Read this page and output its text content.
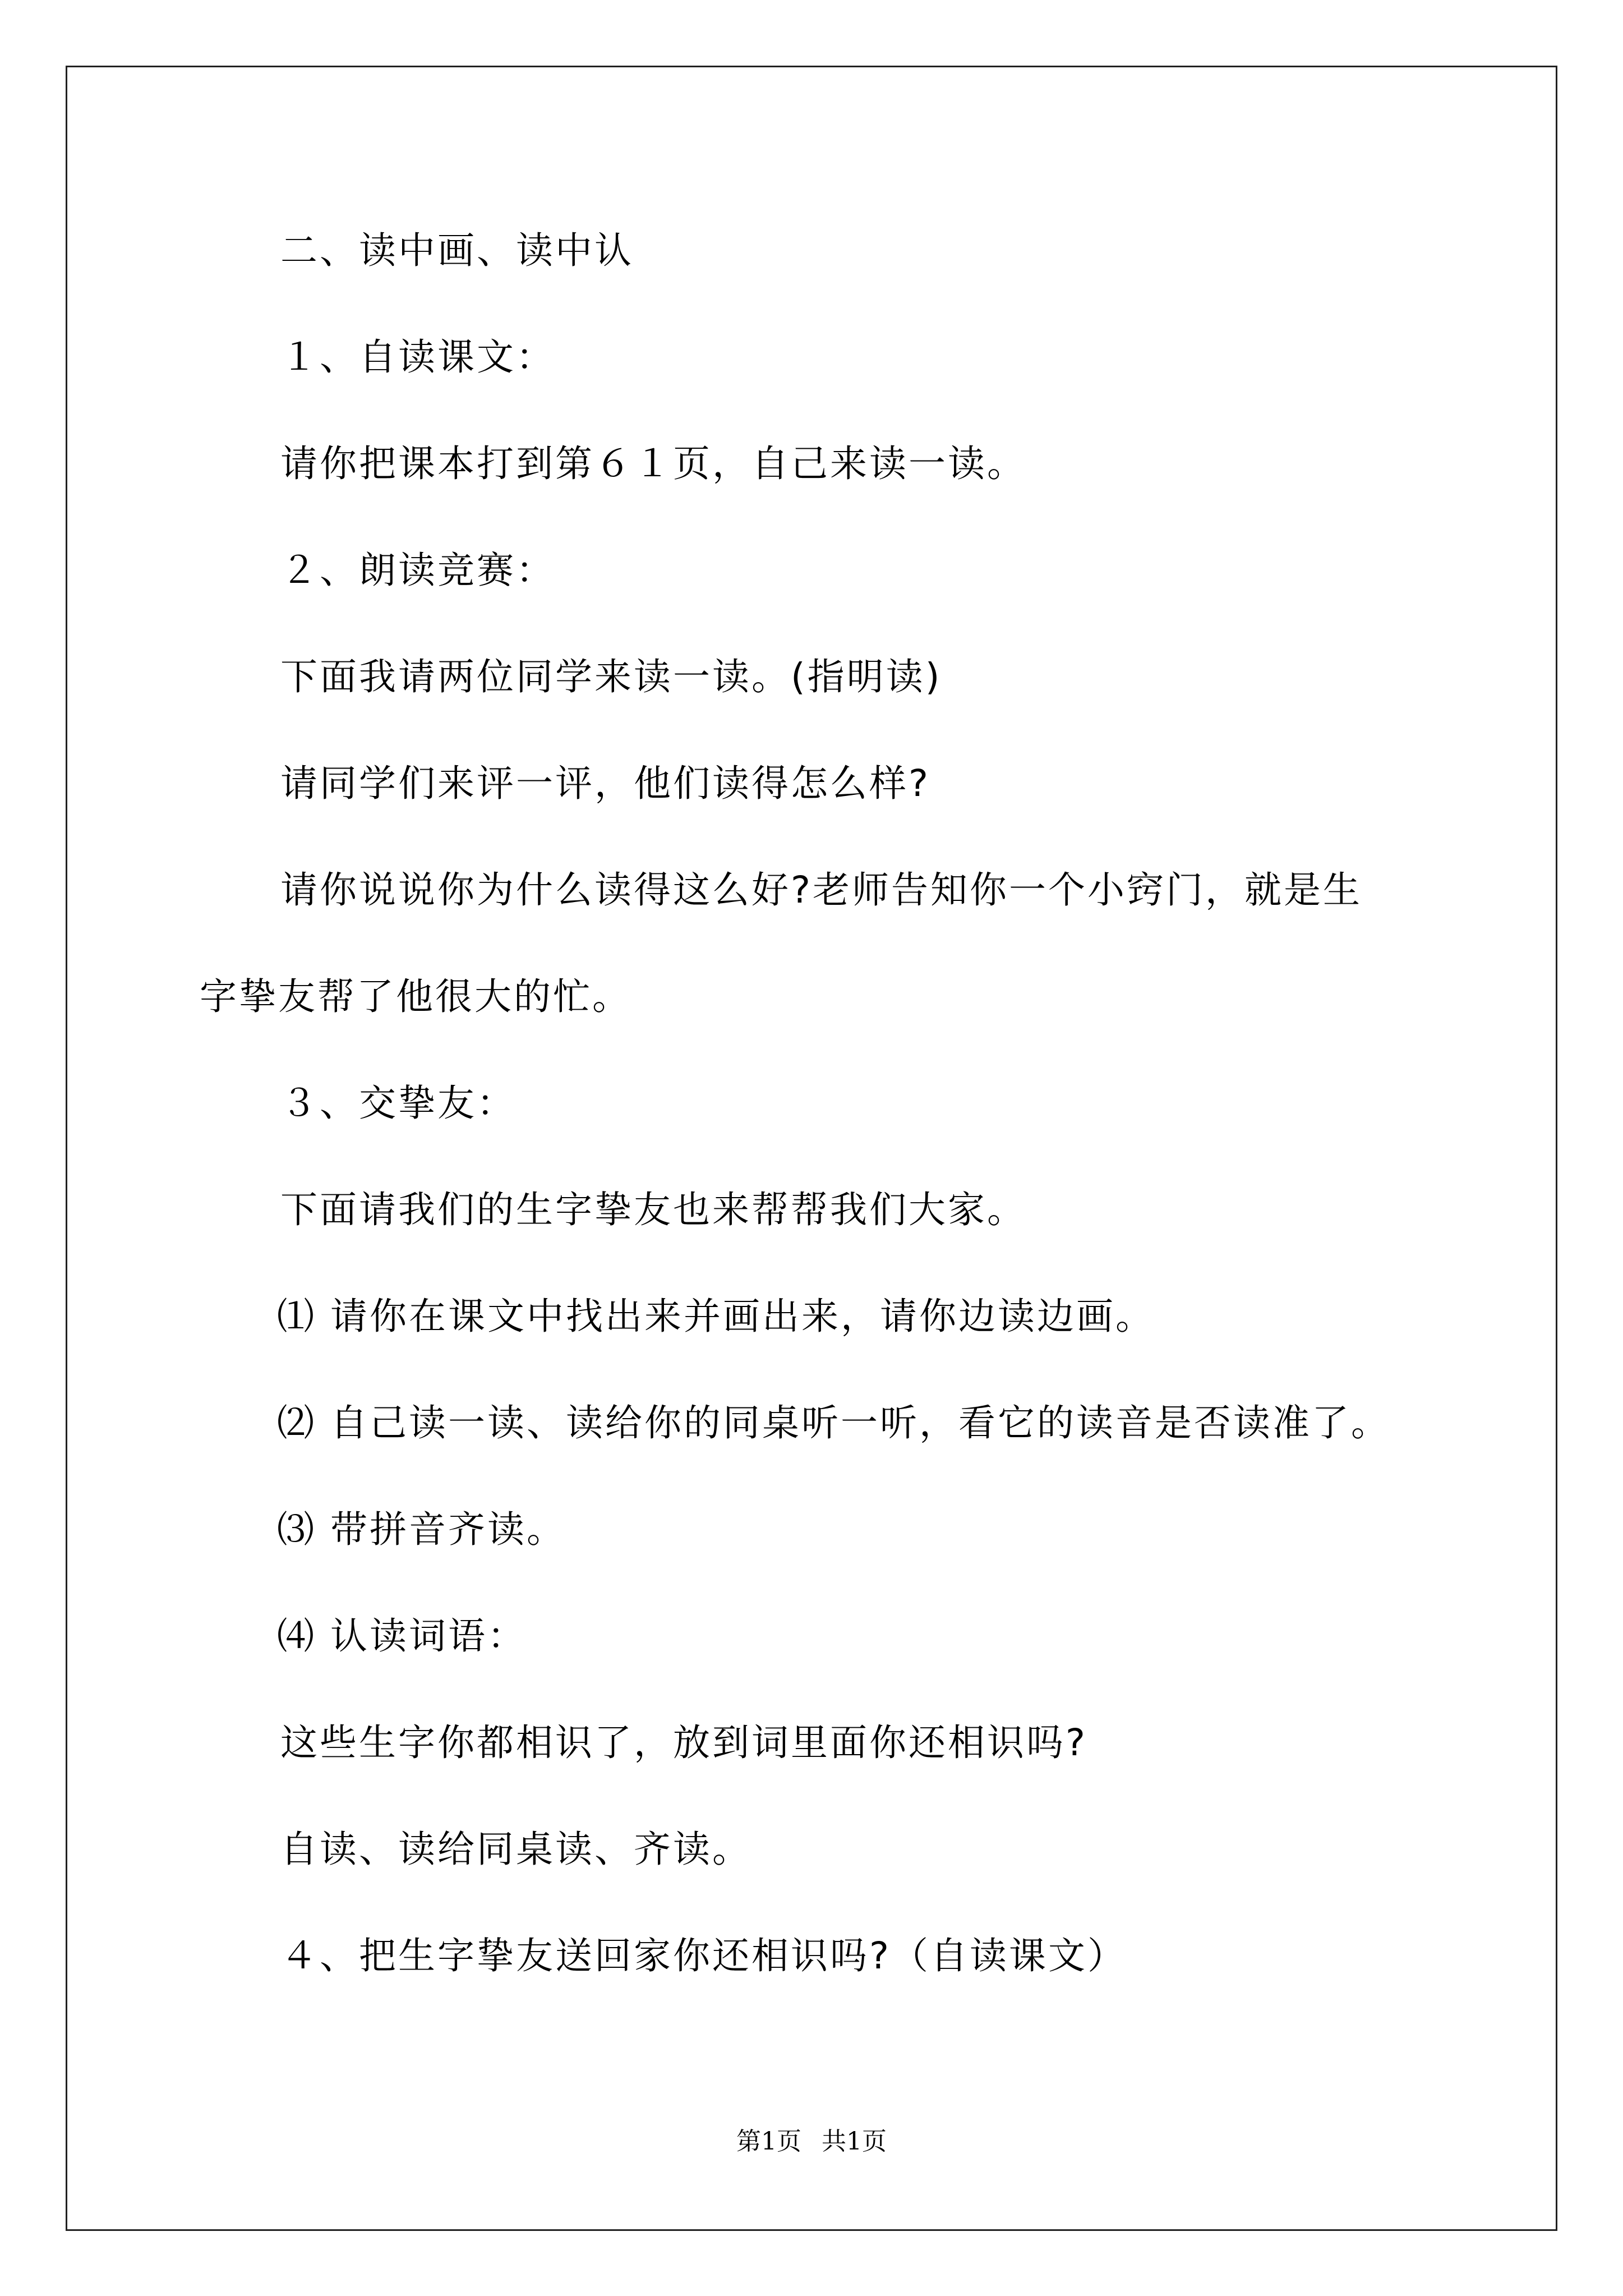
二、读中画、读中认
１、自读课文：
请你把课本打到第６１页，自己来读一读。
２、朗读竞赛：
下面我请两位同学来读一读。(指明读)
请同学们来评一评，他们读得怎么样?
请你说说你为什么读得这么好?老师告知你一个小窍门，就是生
字挚友帮了他很大的忙。
３、交挚友：
下面请我们的生字挚友也来帮帮我们大家。
⑴ 请你在课文中找出来并画出来，请你边读边画。
⑵ 自己读一读、读给你的同桌听一听，看它的读音是否读准了。
⑶ 带拼音齐读。
⑷ 认读词语：
这些生字你都相识了，放到词里面你还相识吗?
自读、读给同桌读、齐读。
４、把生字挚友送回家你还相识吗?（自读课文）
第1页 共1页
